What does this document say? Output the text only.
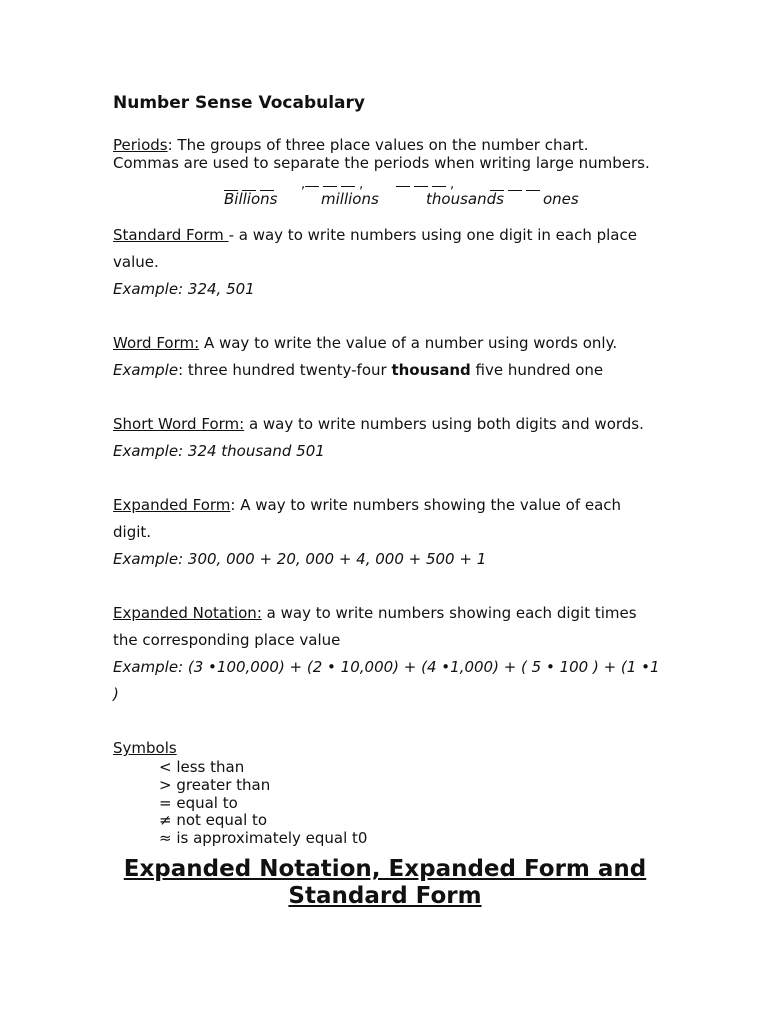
Number Sense Vocabulary
Periods: The groups of three place values on the number chart.
Commas are used to separate the periods when writing large numbers.
,	,	,
Billions	millions	thousands	ones
Standard Form - a way to write numbers using one digit in each place
value.
Example: 324, 501
Word Form: A way to write the value of a number using words only.
Example: three hundred twenty-four thousand five hundred one
Short Word Form: a way to write numbers using both digits and words.
Example: 324 thousand 501
Expanded Form: A way to write numbers showing the value of each
digit.
Example: 300, 000 + 20, 000 + 4, 000 + 500 + 1
Expanded Notation: a way to write numbers showing each digit times
the corresponding place value
Example: (3 •100,000) + (2 • 10,000) + (4 •1,000) + ( 5 • 100 ) + (1 •1
)
Symbols
< less than
> greater than
= equal to
≠ not equal to
≈ is approximately equal t0
Expanded Notation, Expanded Form and
Standard Form
